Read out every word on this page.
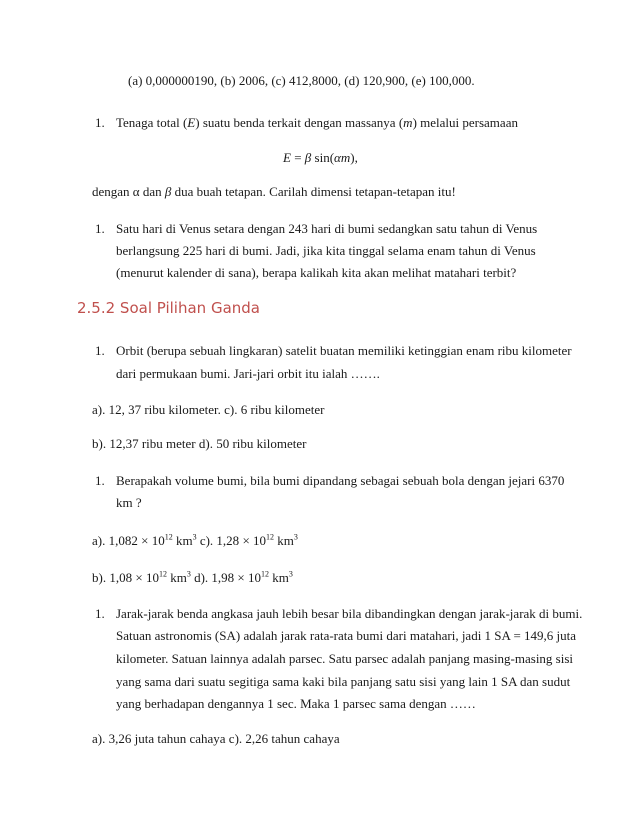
(a) 0,000000190, (b) 2006, (c) 412,8000, (d) 120,900, (e) 100,000.
1. Tenaga total (E) suatu benda terkait dengan massanya (m) melalui persamaan
E = β sin(αm),
dengan α dan β dua buah tetapan. Carilah dimensi tetapan-tetapan itu!
1. Satu hari di Venus setara dengan 243 hari di bumi sedangkan satu tahun di Venus
berlangsung 225 hari di bumi. Jadi, jika kita tinggal selama enam tahun di Venus
(menurut kalender di sana), berapa kalikah kita akan melihat matahari terbit?
2.5.2 Soal Pilihan Ganda
1. Orbit (berupa sebuah lingkaran) satelit buatan memiliki ketinggian enam ribu kilometer
dari permukaan bumi. Jari-jari orbit itu ialah …….
a). 12, 37 ribu kilometer. c). 6 ribu kilometer
b). 12,37 ribu meter d). 50 ribu kilometer
1. Berapakah volume bumi, bila bumi dipandang sebagai sebuah bola dengan jejari 6370
km ?
a). $1,082 \times 10^{12}$ $km^3$ c). $1,28 \times 10^{12}$ $km^3$
b). $1,08 \times 10^{12}$ $km^3$ d). $1,98 \times 10^{12}$ $km^3$
1. Jarak-jarak benda angkasa jauh lebih besar bila dibandingkan dengan jarak-jarak di bumi.
Satuan astronomis (SA) adalah jarak rata-rata bumi dari matahari, jadi 1 SA = 149,6 juta
kilometer. Satuan lainnya adalah parsec. Satu parsec adalah panjang masing-masing sisi
yang sama dari suatu segitiga sama kaki bila panjang satu sisi yang lain 1 SA dan sudut
yang berhadapan dengannya 1 sec. Maka 1 parsec sama dengan ……
a). 3,26 juta tahun cahaya c). 2,26 tahun cahaya
